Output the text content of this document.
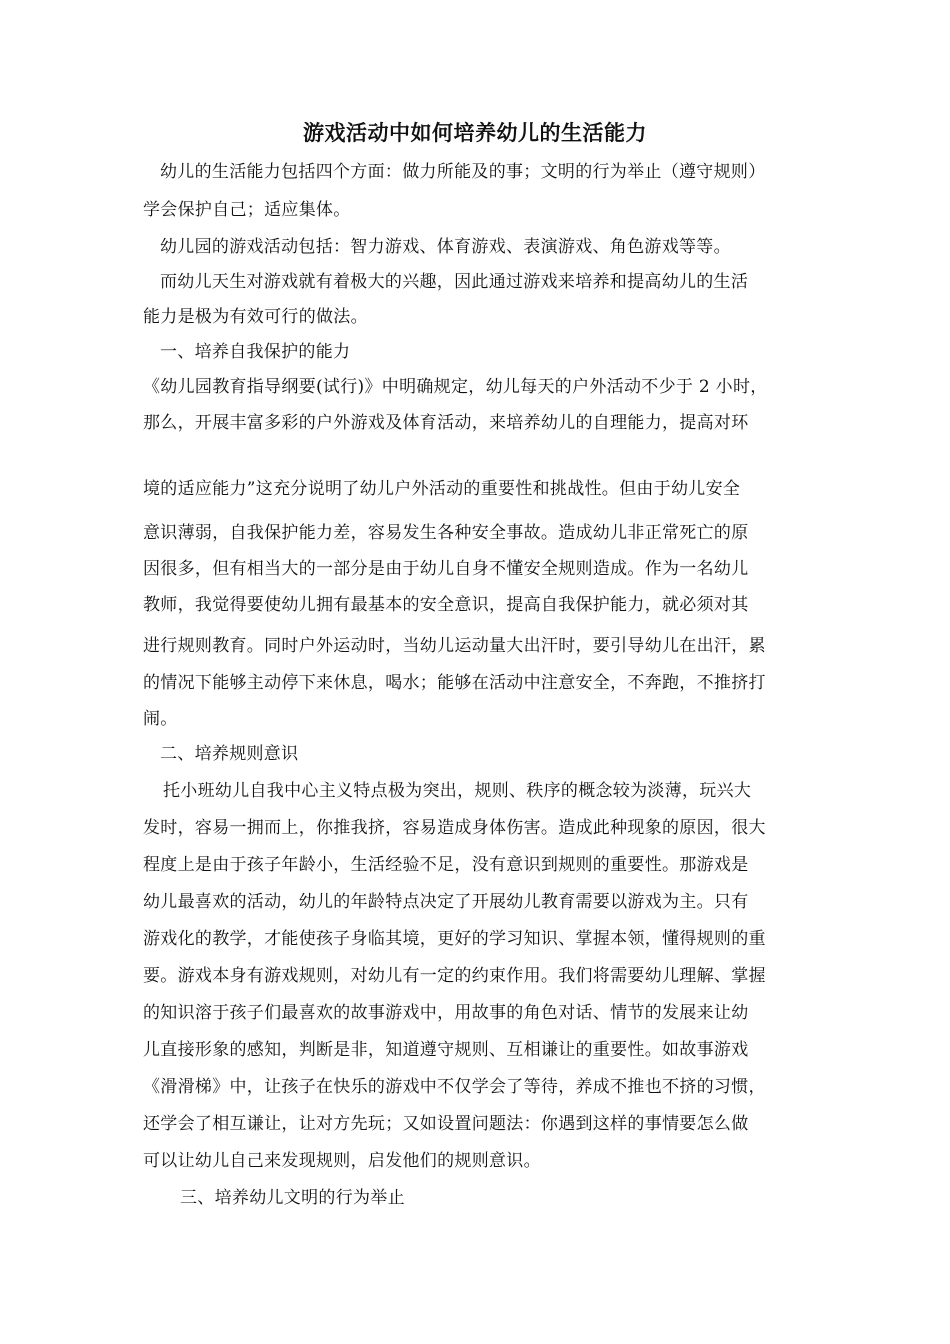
游戏活动中如何培养幼儿的生活能力
幼儿的生活能力包括四个方面：做力所能及的事；文明的行为举止（遵守规则）
学会保护自己；适应集体。
幼儿园的游戏活动包括：智力游戏、体育游戏、表演游戏、角色游戏等等。
而幼儿天生对游戏就有着极大的兴趣，因此通过游戏来培养和提高幼儿的生活
能力是极为有效可行的做法。
一、培养自我保护的能力
《幼儿园教育指导纲要(试行)》中明确规定，幼儿每天的户外活动不少于 2 小时，
那么，开展丰富多彩的户外游戏及体育活动，来培养幼儿的自理能力，提高对环
境的适应能力”这充分说明了幼儿户外活动的重要性和挑战性。但由于幼儿安全
意识薄弱，自我保护能力差，容易发生各种安全事故。造成幼儿非正常死亡的原
因很多，但有相当大的一部分是由于幼儿自身不懂安全规则造成。作为一名幼儿
教师，我觉得要使幼儿拥有最基本的安全意识，提高自我保护能力，就必须对其
进行规则教育。同时户外运动时，当幼儿运动量大出汗时，要引导幼儿在出汗，累
的情况下能够主动停下来休息，喝水；能够在活动中注意安全，不奔跑，不推挤打
闹。
二、培养规则意识
托小班幼儿自我中心主义特点极为突出，规则、秩序的概念较为淡薄，玩兴大
发时，容易一拥而上，你推我挤，容易造成身体伤害。造成此种现象的原因，很大
程度上是由于孩子年龄小，生活经验不足，没有意识到规则的重要性。那游戏是
幼儿最喜欢的活动，幼儿的年龄特点决定了开展幼儿教育需要以游戏为主。只有
游戏化的教学，才能使孩子身临其境，更好的学习知识、掌握本领，懂得规则的重
要。游戏本身有游戏规则，对幼儿有一定的约束作用。我们将需要幼儿理解、掌握
的知识溶于孩子们最喜欢的故事游戏中，用故事的角色对话、情节的发展来让幼
儿直接形象的感知，判断是非，知道遵守规则、互相谦让的重要性。如故事游戏
《滑滑梯》中，让孩子在快乐的游戏中不仅学会了等待，养成不推也不挤的习惯，
还学会了相互谦让，让对方先玩；又如设置问题法：你遇到这样的事情要怎么做
可以让幼儿自己来发现规则，启发他们的规则意识。
三、培养幼儿文明的行为举止
